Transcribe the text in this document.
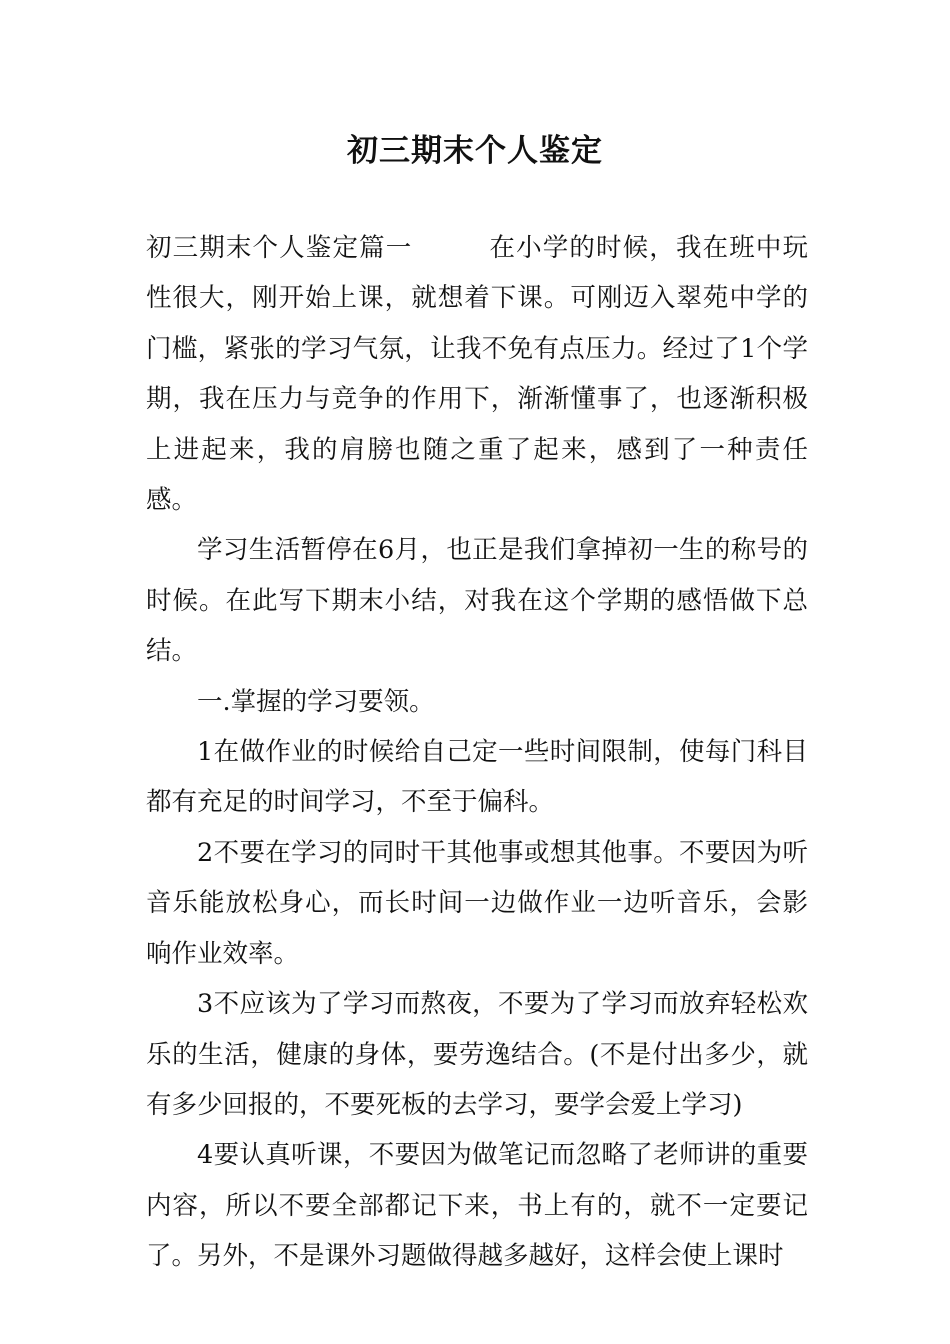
初三期末个人鉴定

初三期末个人鉴定篇一	在小学的时候，我在班中玩性很大，刚开始上课，就想着下课。可刚迈入翠苑中学的门槛，紧张的学习气氛，让我不免有点压力。经过了1个学期，我在压力与竞争的作用下，渐渐懂事了，也逐渐积极上进起来，我的肩膀也随之重了起来，感到了一种责任感。

学习生活暂停在6月，也正是我们拿掉初一生的称号的时候。在此写下期末小结，对我在这个学期的感悟做下总结。

一.掌握的学习要领。

1在做作业的时候给自己定一些时间限制，使每门科目都有充足的时间学习，不至于偏科。

2不要在学习的同时干其他事或想其他事。不要因为听音乐能放松身心，而长时间一边做作业一边听音乐，会影响作业效率。

3不应该为了学习而熬夜，不要为了学习而放弃轻松欢乐的生活，健康的身体，要劳逸结合。(不是付出多少，就有多少回报的，不要死板的去学习，要学会爱上学习)

4要认真听课，不要因为做笔记而忽略了老师讲的重要内容，所以不要全部都记下来，书上有的，就不一定要记了。另外，不是课外习题做得越多越好，这样会使上课时
